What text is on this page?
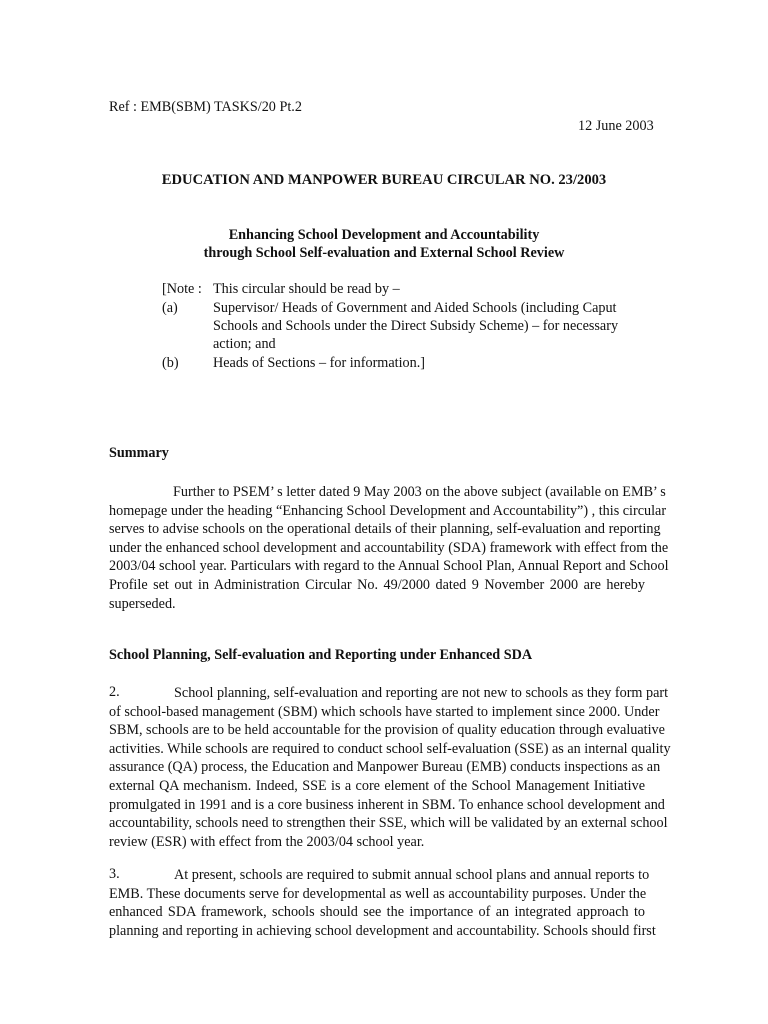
Ref : EMB(SBM) TASKS/20 Pt.2
12 June 2003
EDUCATION AND MANPOWER BUREAU CIRCULAR NO. 23/2003
Enhancing School Development and Accountability
through School Self-evaluation and External School Review
[Note : This circular should be read by –
(a) Supervisor/ Heads of Government and Aided Schools (including Caput
Schools and Schools under the Direct Subsidy Scheme) – for necessary
action; and
(b) Heads of Sections – for information.]
Summary
Further to PSEM’ s letter dated 9 May 2003 on the above subject (available on EMB’ s
homepage under the heading “Enhancing School Development and Accountability”) , this circular
serves to advise schools on the operational details of their planning, self-evaluation and reporting
under the enhanced school development and accountability (SDA) framework with effect from the
2003/04 school year. Particulars with regard to the Annual School Plan, Annual Report and School
Profile set out in Administration Circular No. 49/2000 dated 9 November 2000 are hereby
superseded.
School Planning, Self-evaluation and Reporting under Enhanced SDA
2.	School planning, self-evaluation and reporting are not new to schools as they form part
of school-based management (SBM) which schools have started to implement since 2000. Under
SBM, schools are to be held accountable for the provision of quality education through evaluative
activities. While schools are required to conduct school self-evaluation (SSE) as an internal quality
assurance (QA) process, the Education and Manpower Bureau (EMB) conducts inspections as an
external QA mechanism. Indeed, SSE is a core element of the School Management Initiative
promulgated in 1991 and is a core business inherent in SBM. To enhance school development and
accountability, schools need to strengthen their SSE, which will be validated by an external school
review (ESR) with effect from the 2003/04 school year.
3.	At present, schools are required to submit annual school plans and annual reports to
EMB. These documents serve for developmental as well as accountability purposes. Under the
enhanced SDA framework, schools should see the importance of an integrated approach to
planning and reporting in achieving school development and accountability. Schools should first
